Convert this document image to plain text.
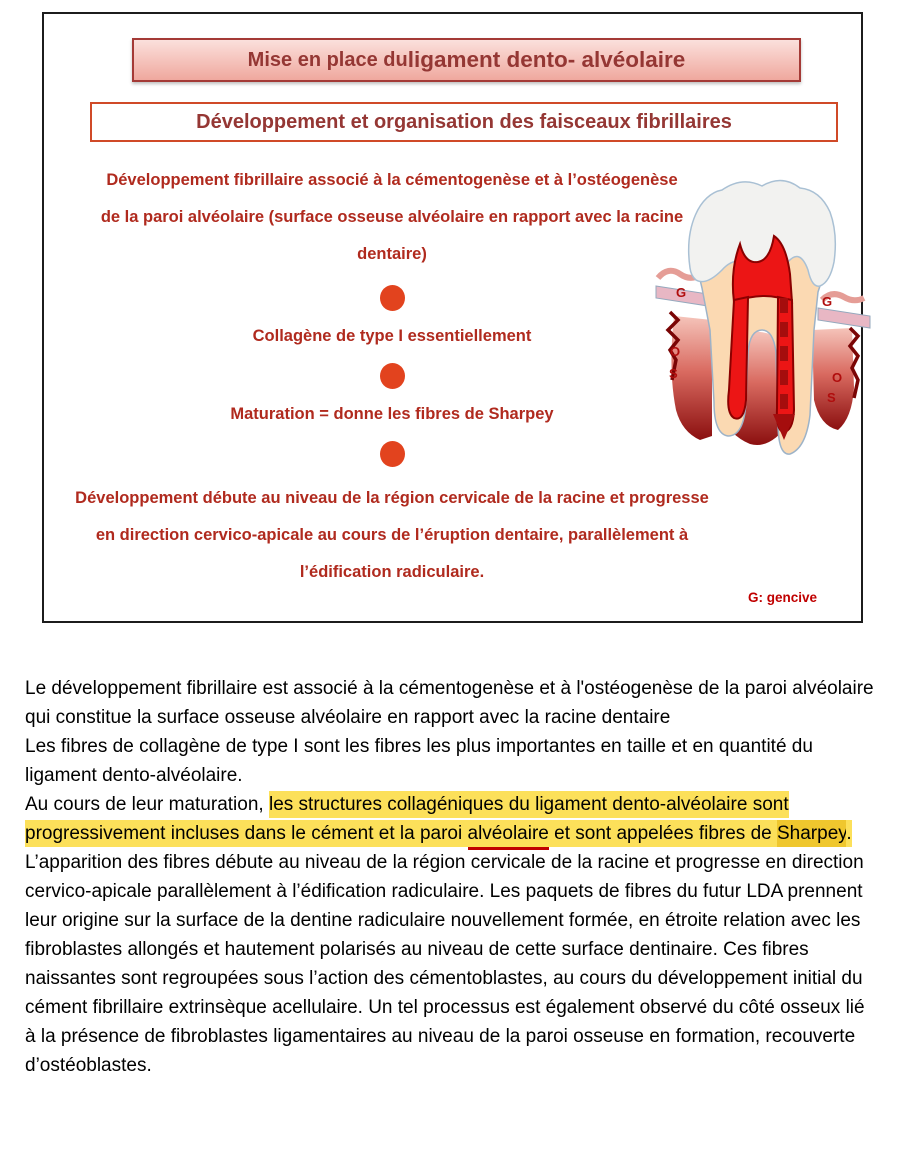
Mise en place du ligament dento- alvéolaire
Développement et organisation des faisceaux fibrillaires
Développement fibrillaire associé à la cémentogenèse et à l’ostéogenèse
de la paroi alvéolaire (surface osseuse alvéolaire en rapport avec la racine
dentaire)
Collagène de type I essentiellement
Maturation = donne les fibres de Sharpey
Développement débute au niveau de la région cervicale de la racine et progresse
en direction cervico-apicale au cours de l’éruption dentaire, parallèlement à
l’édification radiculaire.
G
G
O
S	O
S
G: gencive

Le développement fibrillaire est associé à la cémentogenèse et à l'ostéogenèse de la paroi alvéolaire qui constitue la surface osseuse alvéolaire en rapport avec la racine dentaire

Les fibres de collagène de type I sont les fibres les plus importantes en taille et en quantité du ligament dento-alvéolaire.

Au cours de leur maturation, les structures collagéniques du ligament dento-alvéolaire sont progressivement incluses dans le cément et la paroi alvéolaire et sont appelées fibres de Sharpey.

L’apparition des fibres débute au niveau de la région cervicale de la racine et progresse en direction cervico-apicale parallèlement à l’édification radiculaire. Les paquets de fibres du futur LDA prennent leur origine sur la surface de la dentine radiculaire nouvellement formée, en étroite relation avec les fibroblastes allongés et hautement polarisés au niveau de cette surface dentinaire. Ces fibres naissantes sont regroupées sous l’action des cémentoblastes, au cours du développement initial du cément fibrillaire extrinsèque acellulaire. Un tel processus est également observé du côté osseux lié à la présence de fibroblastes ligamentaires au niveau de la paroi osseuse en formation, recouverte d’ostéoblastes.
